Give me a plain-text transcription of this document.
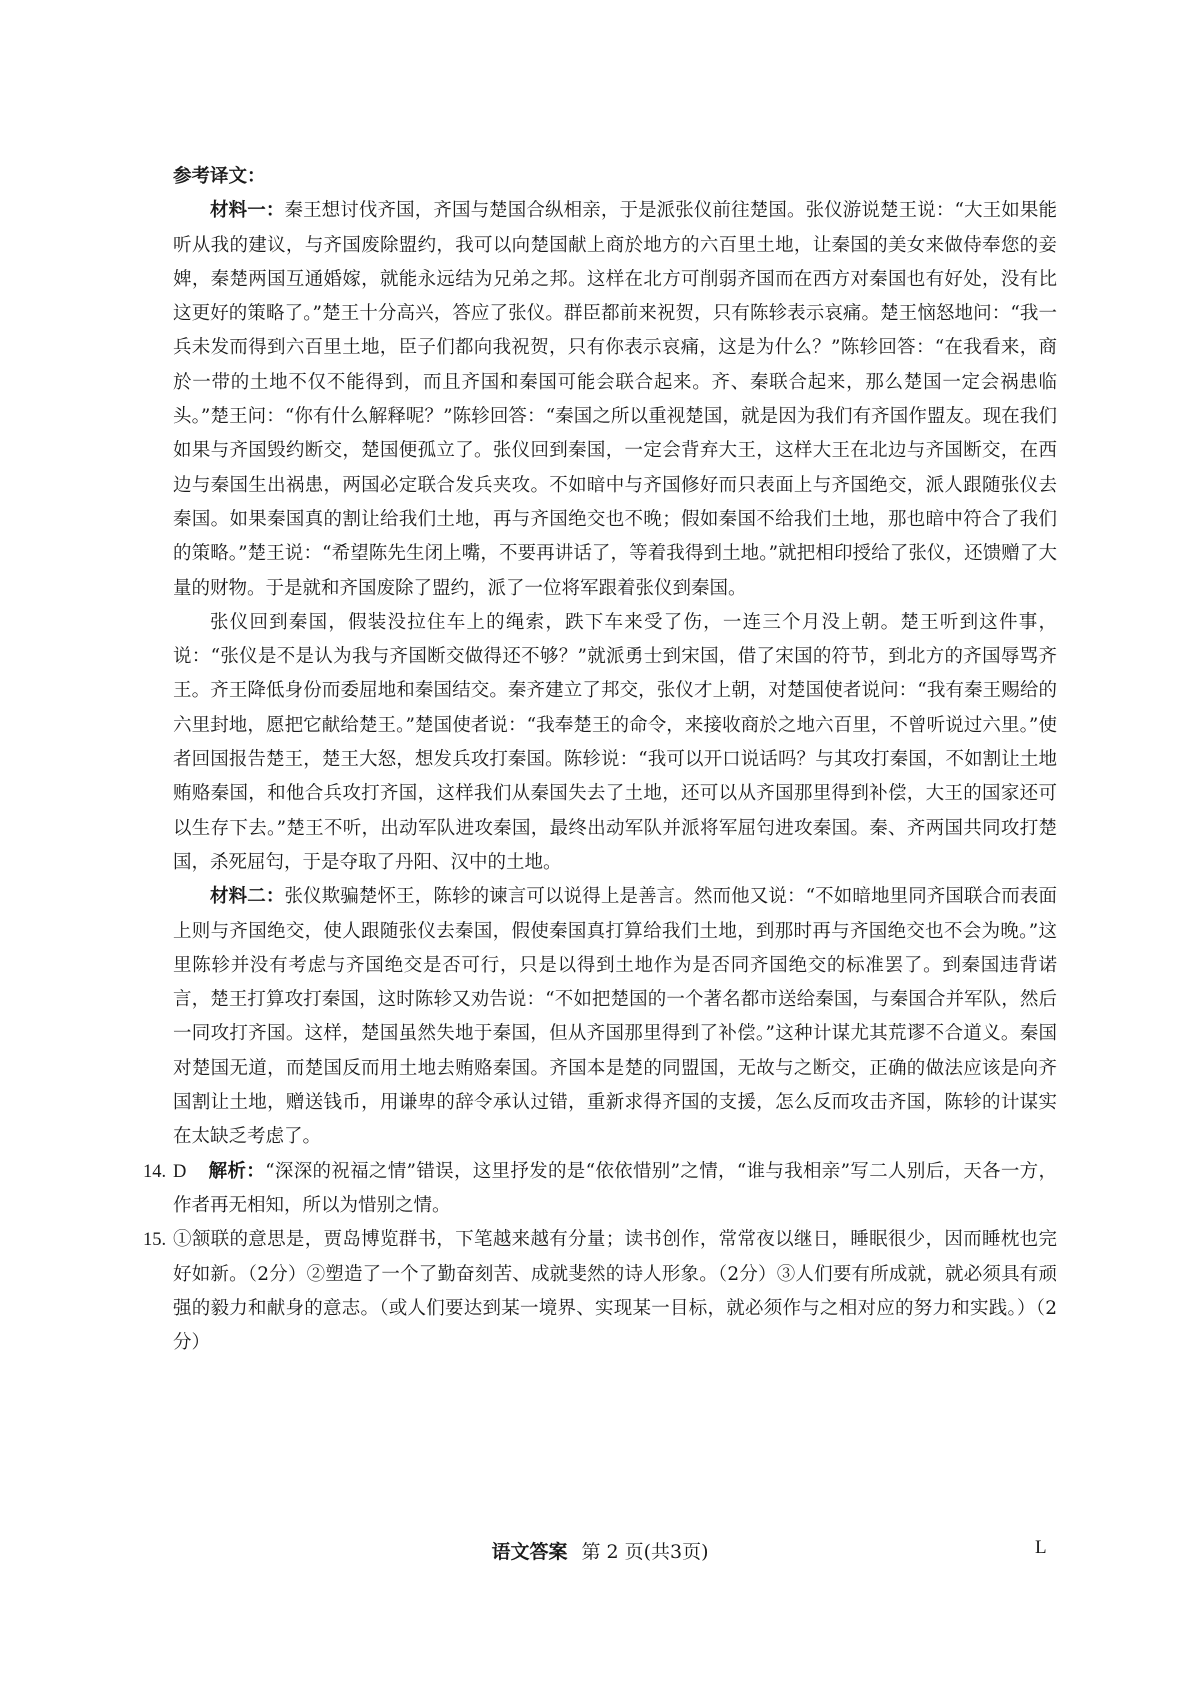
参考译文：

材料一：秦王想讨伐齐国，齐国与楚国合纵相亲，于是派张仪前往楚国。张仪游说楚王说：“大王如果能听从我的建议，与齐国废除盟约，我可以向楚国献上商於地方的六百里土地，让秦国的美女来做侍奉您的妾婢，秦楚两国互通婚嫁，就能永远结为兄弟之邦。这样在北方可削弱齐国而在西方对秦国也有好处，没有比这更好的策略了。”楚王十分高兴，答应了张仪。群臣都前来祝贺，只有陈轸表示哀痛。楚王恼怒地问：“我一兵未发而得到六百里土地，臣子们都向我祝贺，只有你表示哀痛，这是为什么？”陈轸回答：“在我看来，商於一带的土地不仅不能得到，而且齐国和秦国可能会联合起来。齐、秦联合起来，那么楚国一定会祸患临头。”楚王问：“你有什么解释呢？”陈轸回答：“秦国之所以重视楚国，就是因为我们有齐国作盟友。现在我们如果与齐国毁约断交，楚国便孤立了。张仪回到秦国，一定会背弃大王，这样大王在北边与齐国断交，在西边与秦国生出祸患，两国必定联合发兵夹攻。不如暗中与齐国修好而只表面上与齐国绝交，派人跟随张仪去秦国。如果秦国真的割让给我们土地，再与齐国绝交也不晚；假如秦国不给我们土地，那也暗中符合了我们的策略。”楚王说：“希望陈先生闭上嘴，不要再讲话了，等着我得到土地。”就把相印授给了张仪，还馈赠了大量的财物。于是就和齐国废除了盟约，派了一位将军跟着张仪到秦国。

张仪回到秦国，假装没拉住车上的绳索，跌下车来受了伤，一连三个月没上朝。楚王听到这件事，说：“张仪是不是认为我与齐国断交做得还不够？”就派勇士到宋国，借了宋国的符节，到北方的齐国辱骂齐王。齐王降低身份而委屈地和秦国结交。秦齐建立了邦交，张仪才上朝，对楚国使者说问：“我有秦王赐给的六里封地，愿把它献给楚王。”楚国使者说：“我奉楚王的命令，来接收商於之地六百里，不曾听说过六里。”使者回国报告楚王，楚王大怒，想发兵攻打秦国。陈轸说：“我可以开口说话吗？与其攻打秦国，不如割让土地贿赂秦国，和他合兵攻打齐国，这样我们从秦国失去了土地，还可以从齐国那里得到补偿，大王的国家还可以生存下去。”楚王不听，出动军队进攻秦国，最终出动军队并派将军屈匄进攻秦国。秦、齐两国共同攻打楚国，杀死屈匄，于是夺取了丹阳、汉中的土地。

材料二：张仪欺骗楚怀王，陈轸的谏言可以说得上是善言。然而他又说：“不如暗地里同齐国联合而表面上则与齐国绝交，使人跟随张仪去秦国，假使秦国真打算给我们土地，到那时再与齐国绝交也不会为晚。”这里陈轸并没有考虑与齐国绝交是否可行，只是以得到土地作为是否同齐国绝交的标准罢了。到秦国违背诺言，楚王打算攻打秦国，这时陈轸又劝告说：“不如把楚国的一个著名都市送给秦国，与秦国合并军队，然后一同攻打齐国。这样，楚国虽然失地于秦国，但从齐国那里得到了补偿。”这种计谋尤其荒谬不合道义。秦国对楚国无道，而楚国反而用土地去贿赂秦国。齐国本是楚的同盟国，无故与之断交，正确的做法应该是向齐国割让土地，赠送钱币，用谦卑的辞令承认过错，重新求得齐国的支援，怎么反而攻击齐国，陈轸的计谋实在太缺乏考虑了。

14. D 解析：“深深的祝福之情”错误，这里抒发的是“依依惜别”之情，“谁与我相亲”写二人别后，天各一方，作者再无相知，所以为惜别之情。
15. ①颔联的意思是，贾岛博览群书，下笔越来越有分量；读书创作，常常夜以继日，睡眠很少，因而睡枕也完好如新。（2分）②塑造了一个了勤奋刻苦、成就斐然的诗人形象。（2分）③人们要有所成就，就必须具有顽强的毅力和献身的意志。（或人们要达到某一境界、实现某一目标，就必须作与之相对应的努力和实践。）（2分）
语文答案 第 2 页(共3页)	L
